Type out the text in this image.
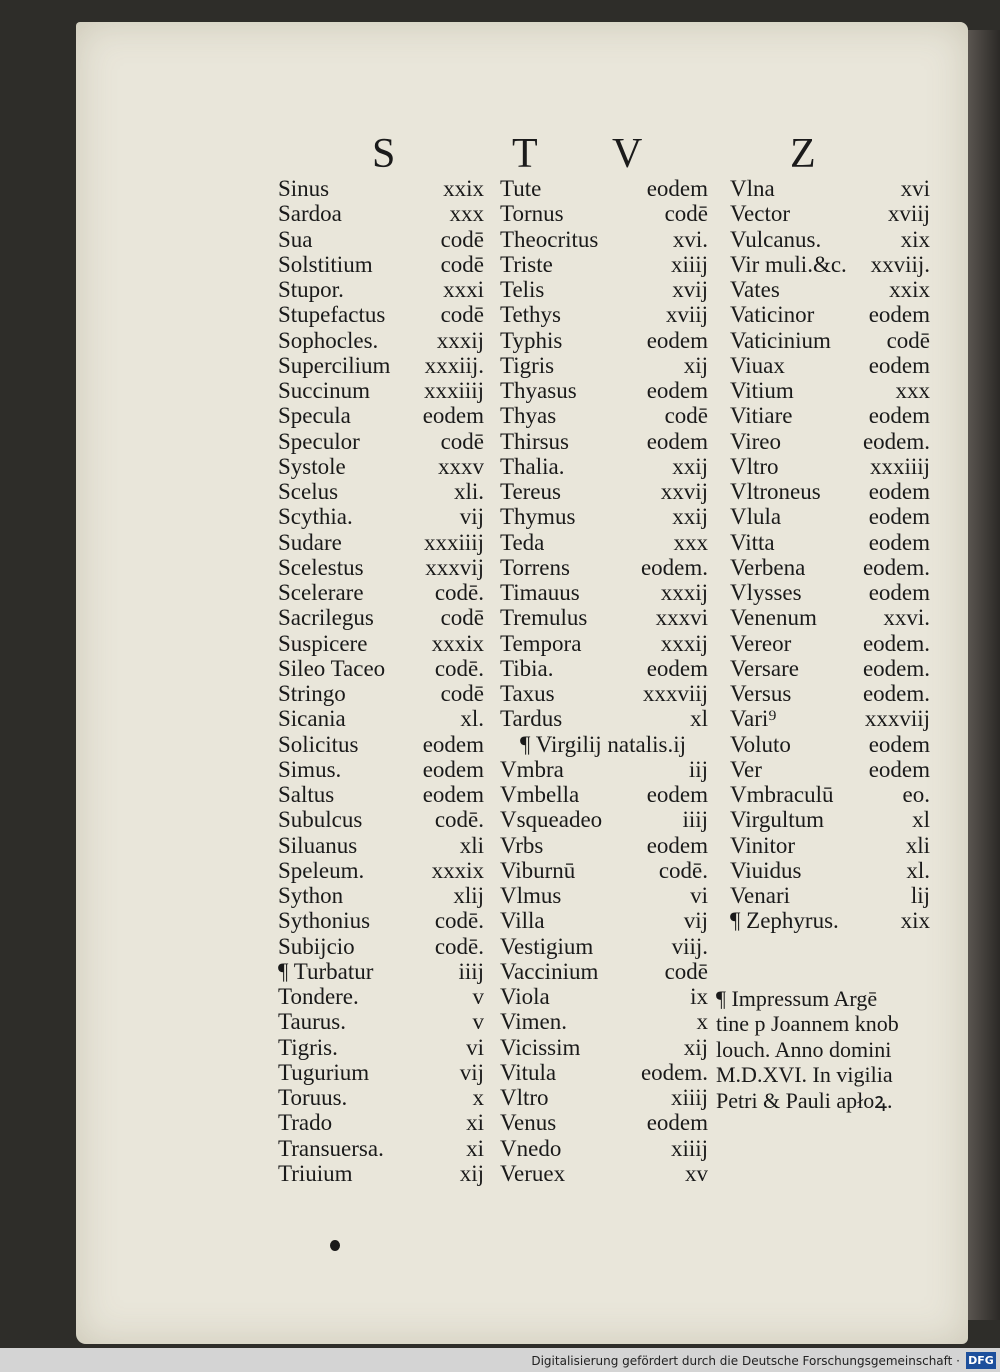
S	T V	Z
Sinus	xxix
Sardoa	xxx
Sua	codē
Solstitium	codē
Stupor.	xxxi
Stupefactus codē
Sophocles.	xxxij
Supercilium xxxiij.
Succinum xxxiiij
Specula	eodem
Speculor	codē
Systole	xxxv
Scelus	xli.
Scythia.	vij
Sudare	xxxiiij
Scelestus	xxxvij
Scelerare	codē.
Sacrilegus	codē
Suspicere	xxxix
Sileo Taceo codē.
Stringo	codē
Sicania	xl.
Solicitus	eodem
Simus.	eodem
Saltus	eodem
Subulcus	codē.
Siluanus	xli
Speleum.	xxxix
Sython	xlij
Sythonius	codē.
Subijcio	codē.
¶ Turbatur	iiij
Tondere.	v
Taurus.	v
Tigris.	vi
Tugurium	vij
Toruus.	x
Trado	xi
Transuersa.	xi
Triuium	xij
Tute	eodem
Tornus	codē
Theocritus	xvi.
Triste	xiiij
Telis	xvij
Tethys	xviij
Typhis	eodem
Tigris	xij
Thyasus	eodem
Thyas	codē
Thirsus	eodem
Thalia.	xxij
Tereus	xxvij
Thymus	xxij
Teda	xxx
Torrens	eodem.
Timauus	xxxij
Tremulus	xxxvi
Tempora	xxxij
Tibia.	eodem
Taxus	xxxviij
Tardus	xl
¶ Virgilij natalis.ij
Vmbra	iij
Vmbella	eodem
Vsqueadeo	iiij
Vrbs	eodem
Viburnū	codē.
Vlmus	vi
Villa	vij
Vestigium	viij.
Vaccinium	codē
Viola	ix
Vimen.	x
Vicissim	xij
Vitula	eodem.
Vltro	xiiij
Venus	eodem
Vnedo	xiiij
Veruex	xv
Vlna	xvi
Vector	xviij
Vulcanus.	xix
Vir muli.&c. xxviij.
Vates	xxix
Vaticinor eodem
Vaticinium codē
Viuax	eodem
Vitium	xxx
Vitiare	eodem
Vireo	eodem.
Vltro	xxxiiij
Vltroneus eodem
Vlula	eodem
Vitta	eodem
Verbena	eodem.
Vlysses	eodem
Venenum	xxvi.
Vereor	eodem.
Versare	eodem.
Versus	eodem.
Vari⁹	xxxviij
Voluto	eodem
Ver	eodem
Vmbraculū	eo.
Virgultum	xl
Vinitor	xli
Viuidus	xl.
Venari	lij
¶ Zephyrus.	xix
¶ Impressum Argē
tine p Joannem knob
louch. Anno domini
M.D.XVI. In vigilia
Petri & Pauli apłoꝝ.
Digitalisierung gefördert durch die Deutsche Forschungsgemeinschaft · DFG
